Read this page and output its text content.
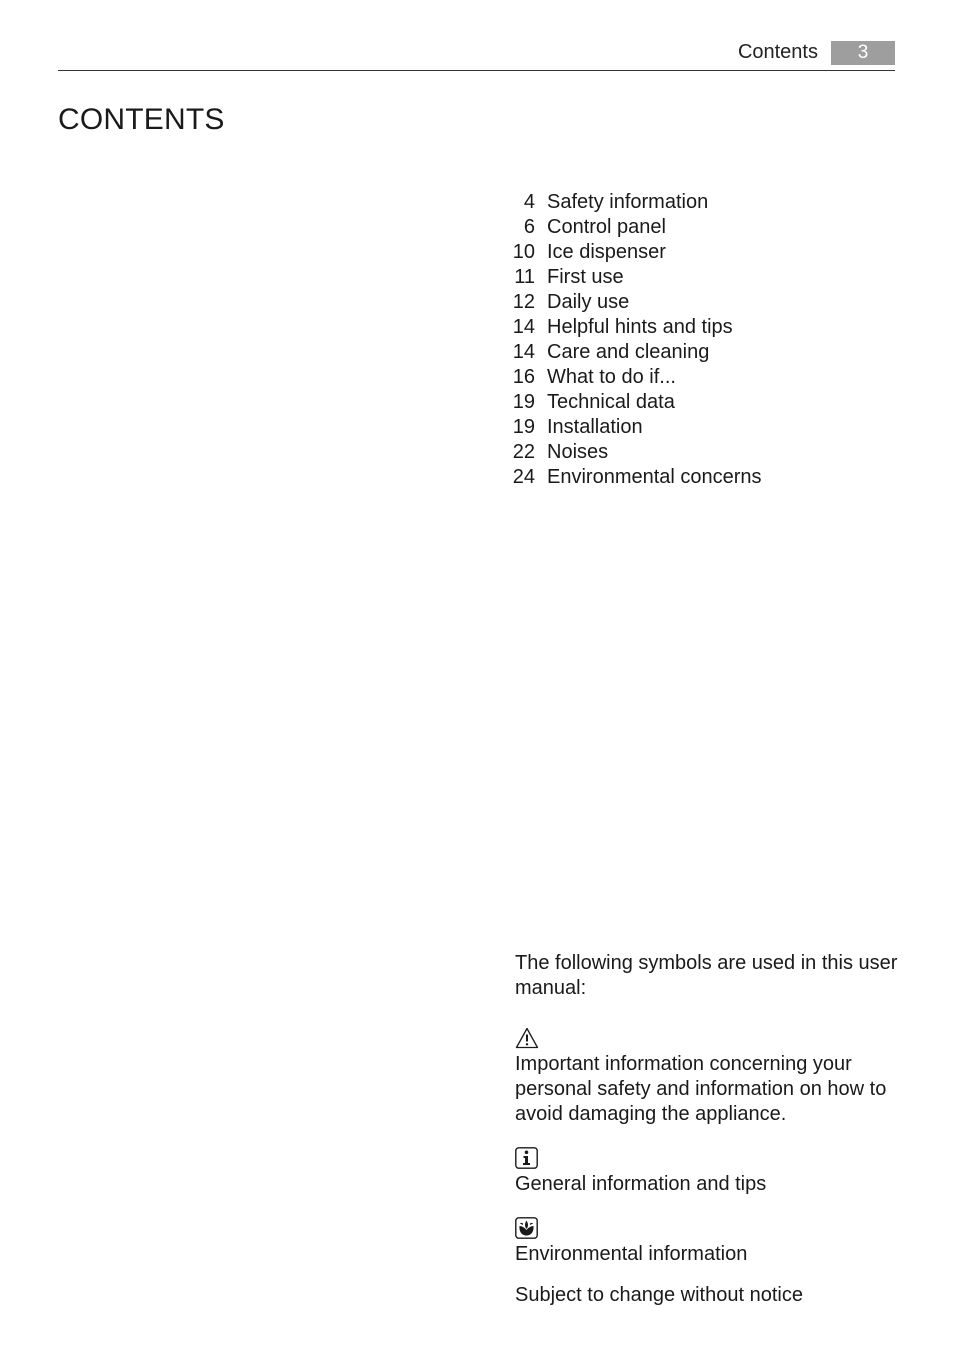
Contents	3
CONTENTS
4 Safety information
6 Control panel
10 Ice dispenser
11 First use
12 Daily use
14 Helpful hints and tips
14 Care and cleaning
16 What to do if...
19 Technical data
19 Installation
22 Noises
24 Environmental concerns

The following symbols are used in this user manual:

Important information concerning your personal safety and information on how to avoid damaging the appliance.

General information and tips

Environmental information

Subject to change without notice
